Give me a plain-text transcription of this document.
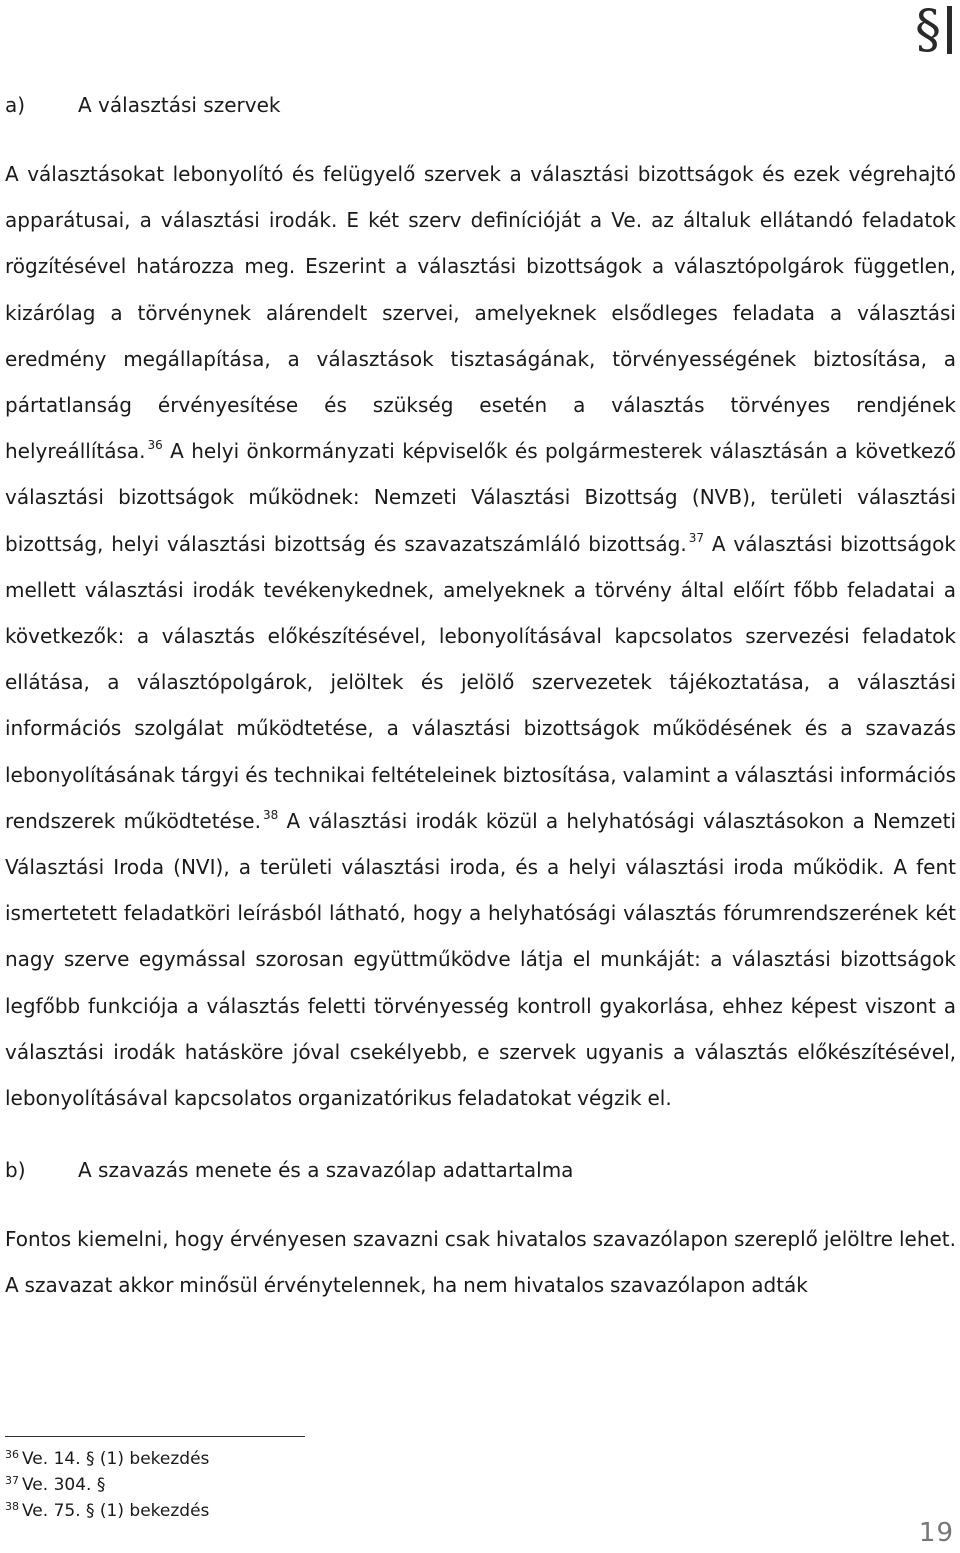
§
a)	A választási szervek

A választásokat lebonyolító és felügyelő szervek a választási bizottságok és ezek végrehajtó apparátusai, a választási irodák. E két szerv definícióját a Ve. az általuk ellátandó feladatok rögzítésével határozza meg. Eszerint a választási bizottságok a választópolgárok független, kizárólag a törvénynek alárendelt szervei, amelyeknek elsődleges feladata a választási eredmény megállapítása, a választások tisztaságának, törvényességének biztosítása, a pártatlanság érvényesítése és szükség esetén a választás törvényes rendjének helyreállítása. $^{36}$ A helyi önkormányzati képviselők és polgármesterek választásán a következő választási bizottságok működnek: Nemzeti Választási Bizottság (NVB), területi választási bizottság, helyi választási bizottság és szavazatszámláló bizottság. $^{37}$ A választási bizottságok mellett választási irodák tevékenykednek, amelyeknek a törvény által előírt főbb feladatai a következők: a választás előkészítésével, lebonyolításával kapcsolatos szervezési feladatok ellátása, a választópolgárok, jelöltek és jelölő szervezetek tájékoztatása, a választási információs szolgálat működtetése, a választási bizottságok működésének és a szavazás lebonyolításának tárgyi és technikai feltételeinek biztosítása, valamint a választási információs rendszerek működtetése. $^{38}$ A választási irodák közül a helyhatósági választásokon a Nemzeti Választási Iroda (NVI), a területi választási iroda, és a helyi választási iroda működik. A fent ismertetett feladatköri leírásból látható, hogy a helyhatósági választás fórumrendszerének két nagy szerve egymással szorosan együttműködve látja el munkáját: a választási bizottságok legfőbb funkciója a választás feletti törvényesség kontroll gyakorlása, ehhez képest viszont a választási irodák hatásköre jóval csekélyebb, e szervek ugyanis a választás előkészítésével, lebonyolításával kapcsolatos organizatórikus feladatokat végzik el.

b)	A szavazás menete és a szavazólap adattartalma

Fontos kiemelni, hogy érvényesen szavazni csak hivatalos szavazólapon szereplő jelöltre lehet. A szavazat akkor minősül érvénytelennek, ha nem hivatalos szavazólapon adták

$^{36}$ Ve. 14. § (1) bekezdés
$^{37}$ Ve. 304. §
$^{38}$ Ve. 75. § (1) bekezdés
19
